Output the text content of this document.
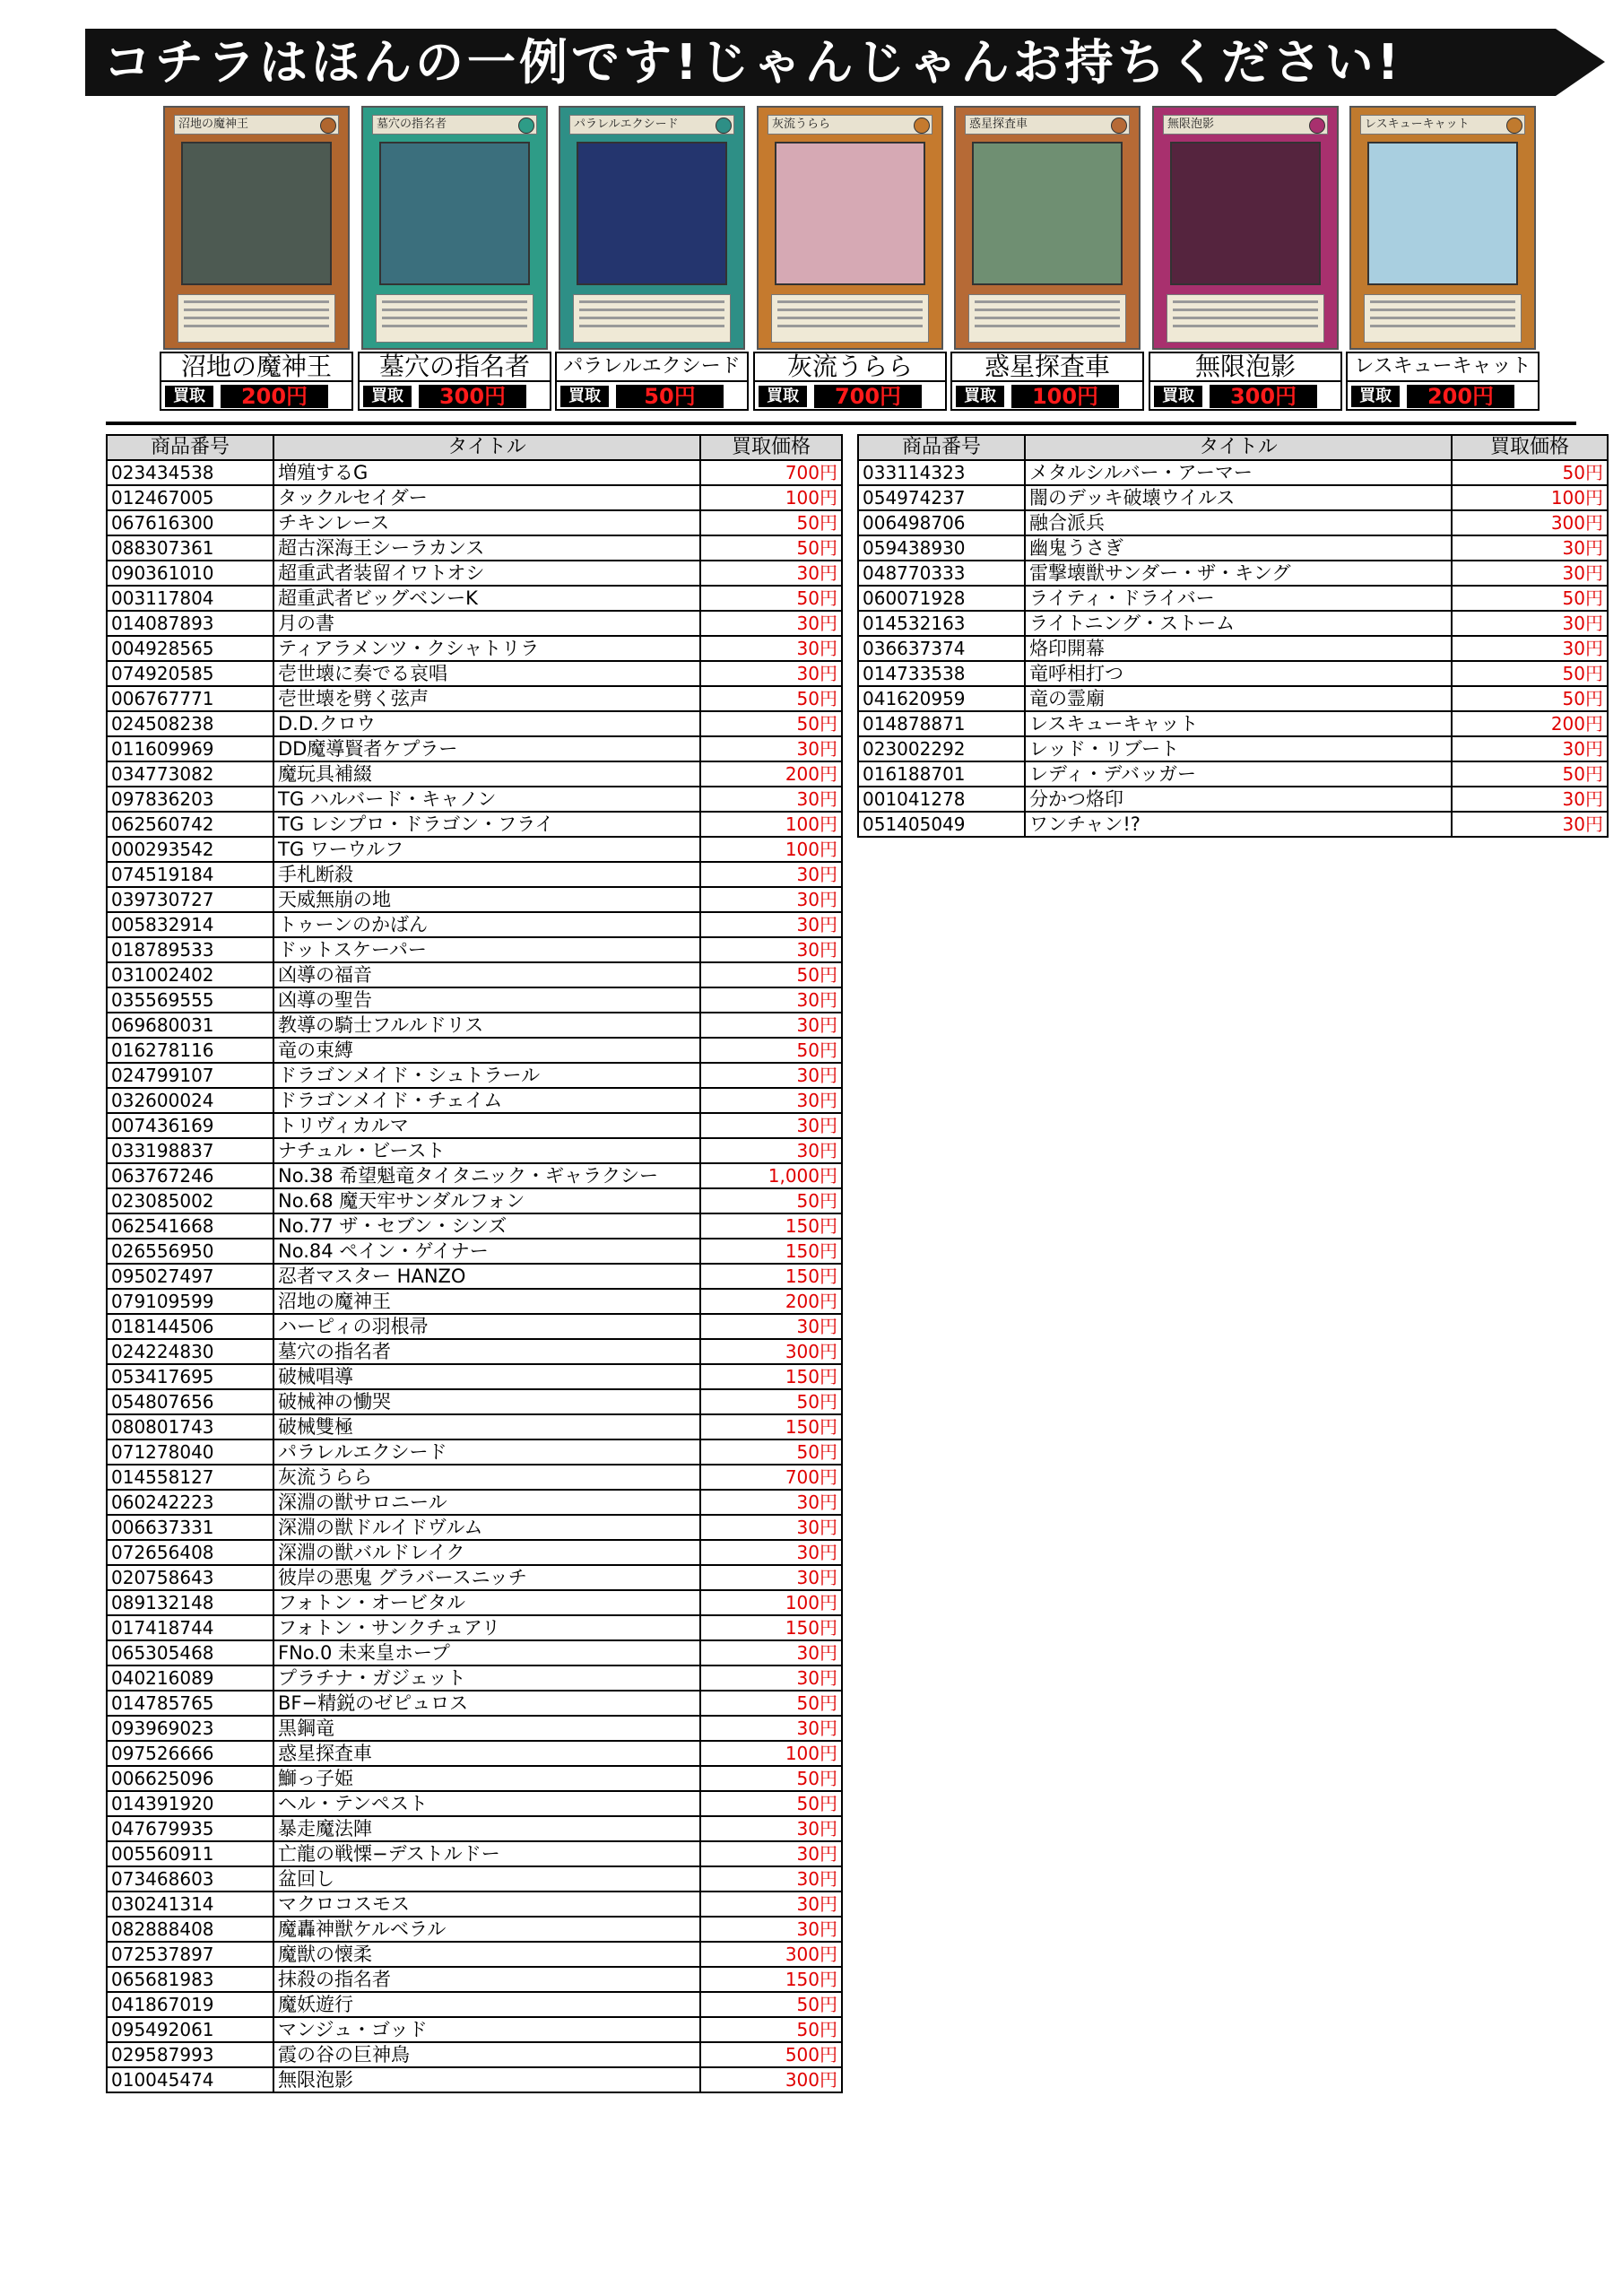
コチラはほんの一例です!じゃんじゃんお持ちください!
沼地の魔神王
沼地の魔神王
買取	200円
墓穴の指名者
墓穴の指名者
買取	300円
パラレルエクシード
パラレルエクシード
買取	50円
灰流うらら
灰流うらら
買取	700円
惑星探査車
惑星探査車
買取	100円
無限泡影
無限泡影
買取	300円
レスキューキャット
レスキューキャット
買取	200円
商品番号	タイトル	買取価格
023434538	増殖するG	700円
012467005	タックルセイダー	100円
067616300	チキンレース	50円
088307361	超古深海王シーラカンス	50円
090361010	超重武者装留イワトオシ	30円
003117804	超重武者ビッグベンーK	50円
014087893	月の書	30円
004928565	ティアラメンツ・クシャトリラ	30円
074920585	壱世壊に奏でる哀唱	30円
006767771	壱世壊を劈く弦声	50円
024508238	D.D.クロウ	50円
011609969	DD魔導賢者ケプラー	30円
034773082	魔玩具補綴	200円
097836203	TG ハルバード・キャノン	30円
062560742	TG レシプロ・ドラゴン・フライ	100円
000293542	TG ワーウルフ	100円
074519184	手札断殺	30円
039730727	天威無崩の地	30円
005832914	トゥーンのかばん	30円
018789533	ドットスケーパー	30円
031002402	凶導の福音	50円
035569555	凶導の聖告	30円
069680031	教導の騎士フルルドリス	30円
016278116	竜の束縛	50円
024799107	ドラゴンメイド・シュトラール	30円
032600024	ドラゴンメイド・チェイム	30円
007436169	トリヴィカルマ	30円
033198837	ナチュル・ビースト	30円
063767246	No.38 希望魁竜タイタニック・ギャラクシー	1,000円
023085002	No.68 魔天牢サンダルフォン	50円
062541668	No.77 ザ・セブン・シンズ	150円
026556950	No.84 ペイン・ゲイナー	150円
095027497	忍者マスター HANZO	150円
079109599	沼地の魔神王	200円
018144506	ハーピィの羽根帚	30円
024224830	墓穴の指名者	300円
053417695	破械唱導	150円
054807656	破械神の慟哭	50円
080801743	破械雙極	150円
071278040	パラレルエクシード	50円
014558127	灰流うらら	700円
060242223	深淵の獣サロニール	30円
006637331	深淵の獣ドルイドヴルム	30円
072656408	深淵の獣バルドレイク	30円
020758643	彼岸の悪鬼 グラバースニッチ	30円
089132148	フォトン・オービタル	100円
017418744	フォトン・サンクチュアリ	150円
065305468	FNo.0 未来皇ホープ	30円
040216089	プラチナ・ガジェット	30円
014785765	BF−精鋭のゼピュロス	50円
093969023	黒鋼竜	30円
097526666	惑星探査車	100円
006625096	鰤っ子姫	50円
014391920	ヘル・テンペスト	50円
047679935	暴走魔法陣	30円
005560911	亡龍の戦慄−デストルドー	30円
073468603	盆回し	30円
030241314	マクロコスモス	30円
082888408	魔轟神獣ケルベラル	30円
072537897	魔獣の懐柔	300円
065681983	抹殺の指名者	150円
041867019	魔妖遊行	50円
095492061	マンジュ・ゴッド	50円
029587993	霞の谷の巨神鳥	500円
010045474	無限泡影	300円
商品番号	タイトル	買取価格
033114323	メタルシルバー・アーマー	50円
054974237	闇のデッキ破壊ウイルス	100円
006498706	融合派兵	300円
059438930	幽鬼うさぎ	30円
048770333	雷撃壊獣サンダー・ザ・キング	30円
060071928	ライティ・ドライバー	50円
014532163	ライトニング・ストーム	30円
036637374	烙印開幕	30円
014733538	竜呼相打つ	50円
041620959	竜の霊廟	50円
014878871	レスキューキャット	200円
023002292	レッド・リブート	30円
016188701	レディ・デバッガー	50円
001041278	分かつ烙印	30円
051405049	ワンチャン!?	30円
